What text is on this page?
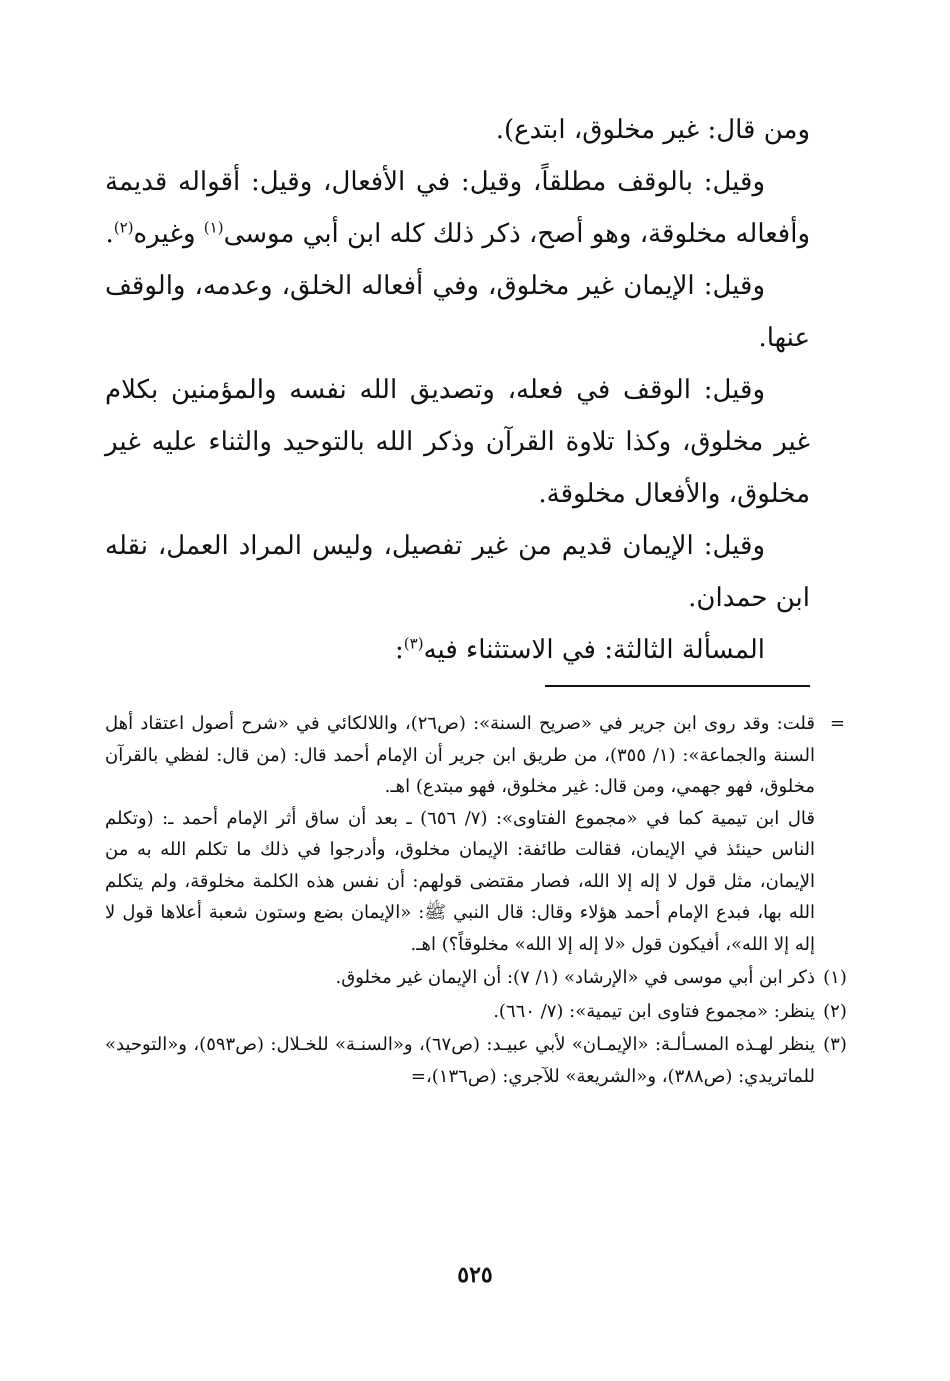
ومن قال: غير مخلوق، ابتدع).

وقيل: بالوقف مطلقاً، وقيل: في الأفعال، وقيل: أقواله قديمة وأفعاله مخلوقة، وهو أصح، ذكر ذلك كله ابن أبي موسى$^{(١)}$ وغيره$^{(٢)}$.

وقيل: الإيمان غير مخلوق، وفي أفعاله الخلق، وعدمه، والوقف عنها.

وقيل: الوقف في فعله، وتصديق الله نفسه والمؤمنين بكلام غير مخلوق، وكذا تلاوة القرآن وذكر الله بالتوحيد والثناء عليه غير مخلوق، والأفعال مخلوقة.

وقيل: الإيمان قديم من غير تفصيل، وليس المراد العمل، نقله ابن حمدان.

المسألة الثالثة: في الاستثناء فيه$^{(٣)}$:

=

قلت: وقد روى ابن جرير في «صريح السنة»: (ص٢٦)، واللالكائي في «شرح أصول اعتقاد أهل السنة والجماعة»: (١/ ٣٥٥)، من طريق ابن جرير أن الإمام أحمد قال: (من قال: لفظي بالقرآن مخلوق، فهو جهمي، ومن قال: غير مخلوق، فهو مبتدع) اهـ.

قال ابن تيمية كما في «مجموع الفتاوى»: (٧/ ٦٥٦) ـ بعد أن ساق أثر الإمام أحمد ـ: (وتكلم الناس حينئذ في الإيمان، فقالت طائفة: الإيمان مخلوق، وأدرجوا في ذلك ما تكلم الله به من الإيمان، مثل قول لا إله إلا الله، فصار مقتضى قولهم: أن نفس هذه الكلمة مخلوقة، ولم يتكلم الله بها، فبدع الإمام أحمد هؤلاء وقال: قال النبي ﷺ: «الإيمان بضع وستون شعبة أعلاها قول لا إله إلا الله»، أفيكون قول «لا إله إلا الله» مخلوقاً؟) اهـ.

(١)
ذكر ابن أبي موسى في «الإرشاد» (١/ ٧): أن الإيمان غير مخلوق.
(٢)
ينظر: «مجموع فتاوى ابن تيمية»: (٧/ ٦٦٠).
(٣)
ينظر لهـذه المسـألـة: «الإيمـان» لأبي عبيـد: (ص٦٧)، و«السنـة» للخـلال: (ص٥٩٣)، و«التوحيد» للماتريدي: (ص٣٨٨)، و«الشريعة» للآجري: (ص١٣٦)،=
٥٢٥
